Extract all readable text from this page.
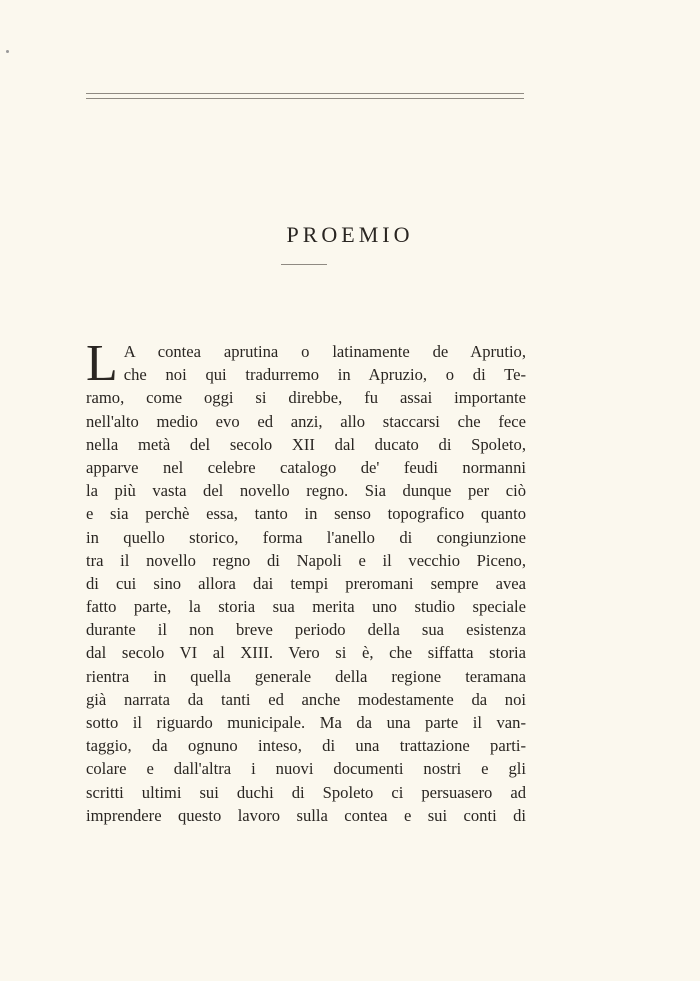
PROEMIO
L A contea aprutina o latinamente de Aprutio,
che noi qui tradurremo in Apruzio, o di Te-
ramo, come oggi si direbbe, fu assai importante
nell'alto medio evo ed anzi, allo staccarsi che fece
nella metà del secolo XII dal ducato di Spoleto,
apparve nel celebre catalogo de' feudi normanni
la più vasta del novello regno. Sia dunque per ciò
e sia perchè essa, tanto in senso topografico quanto
in quello storico, forma l'anello di congiunzione
tra il novello regno di Napoli e il vecchio Piceno,
di cui sino allora dai tempi preromani sempre avea
fatto parte, la storia sua merita uno studio speciale
durante il non breve periodo della sua esistenza
dal secolo VI al XIII. Vero si è, che siffatta storia
rientra in quella generale della regione teramana
già narrata da tanti ed anche modestamente da noi
sotto il riguardo municipale. Ma da una parte il van-
taggio, da ognuno inteso, di una trattazione parti-
colare e dall'altra i nuovi documenti nostri e gli
scritti ultimi sui duchi di Spoleto ci persuasero ad
imprendere questo lavoro sulla contea e sui conti di
